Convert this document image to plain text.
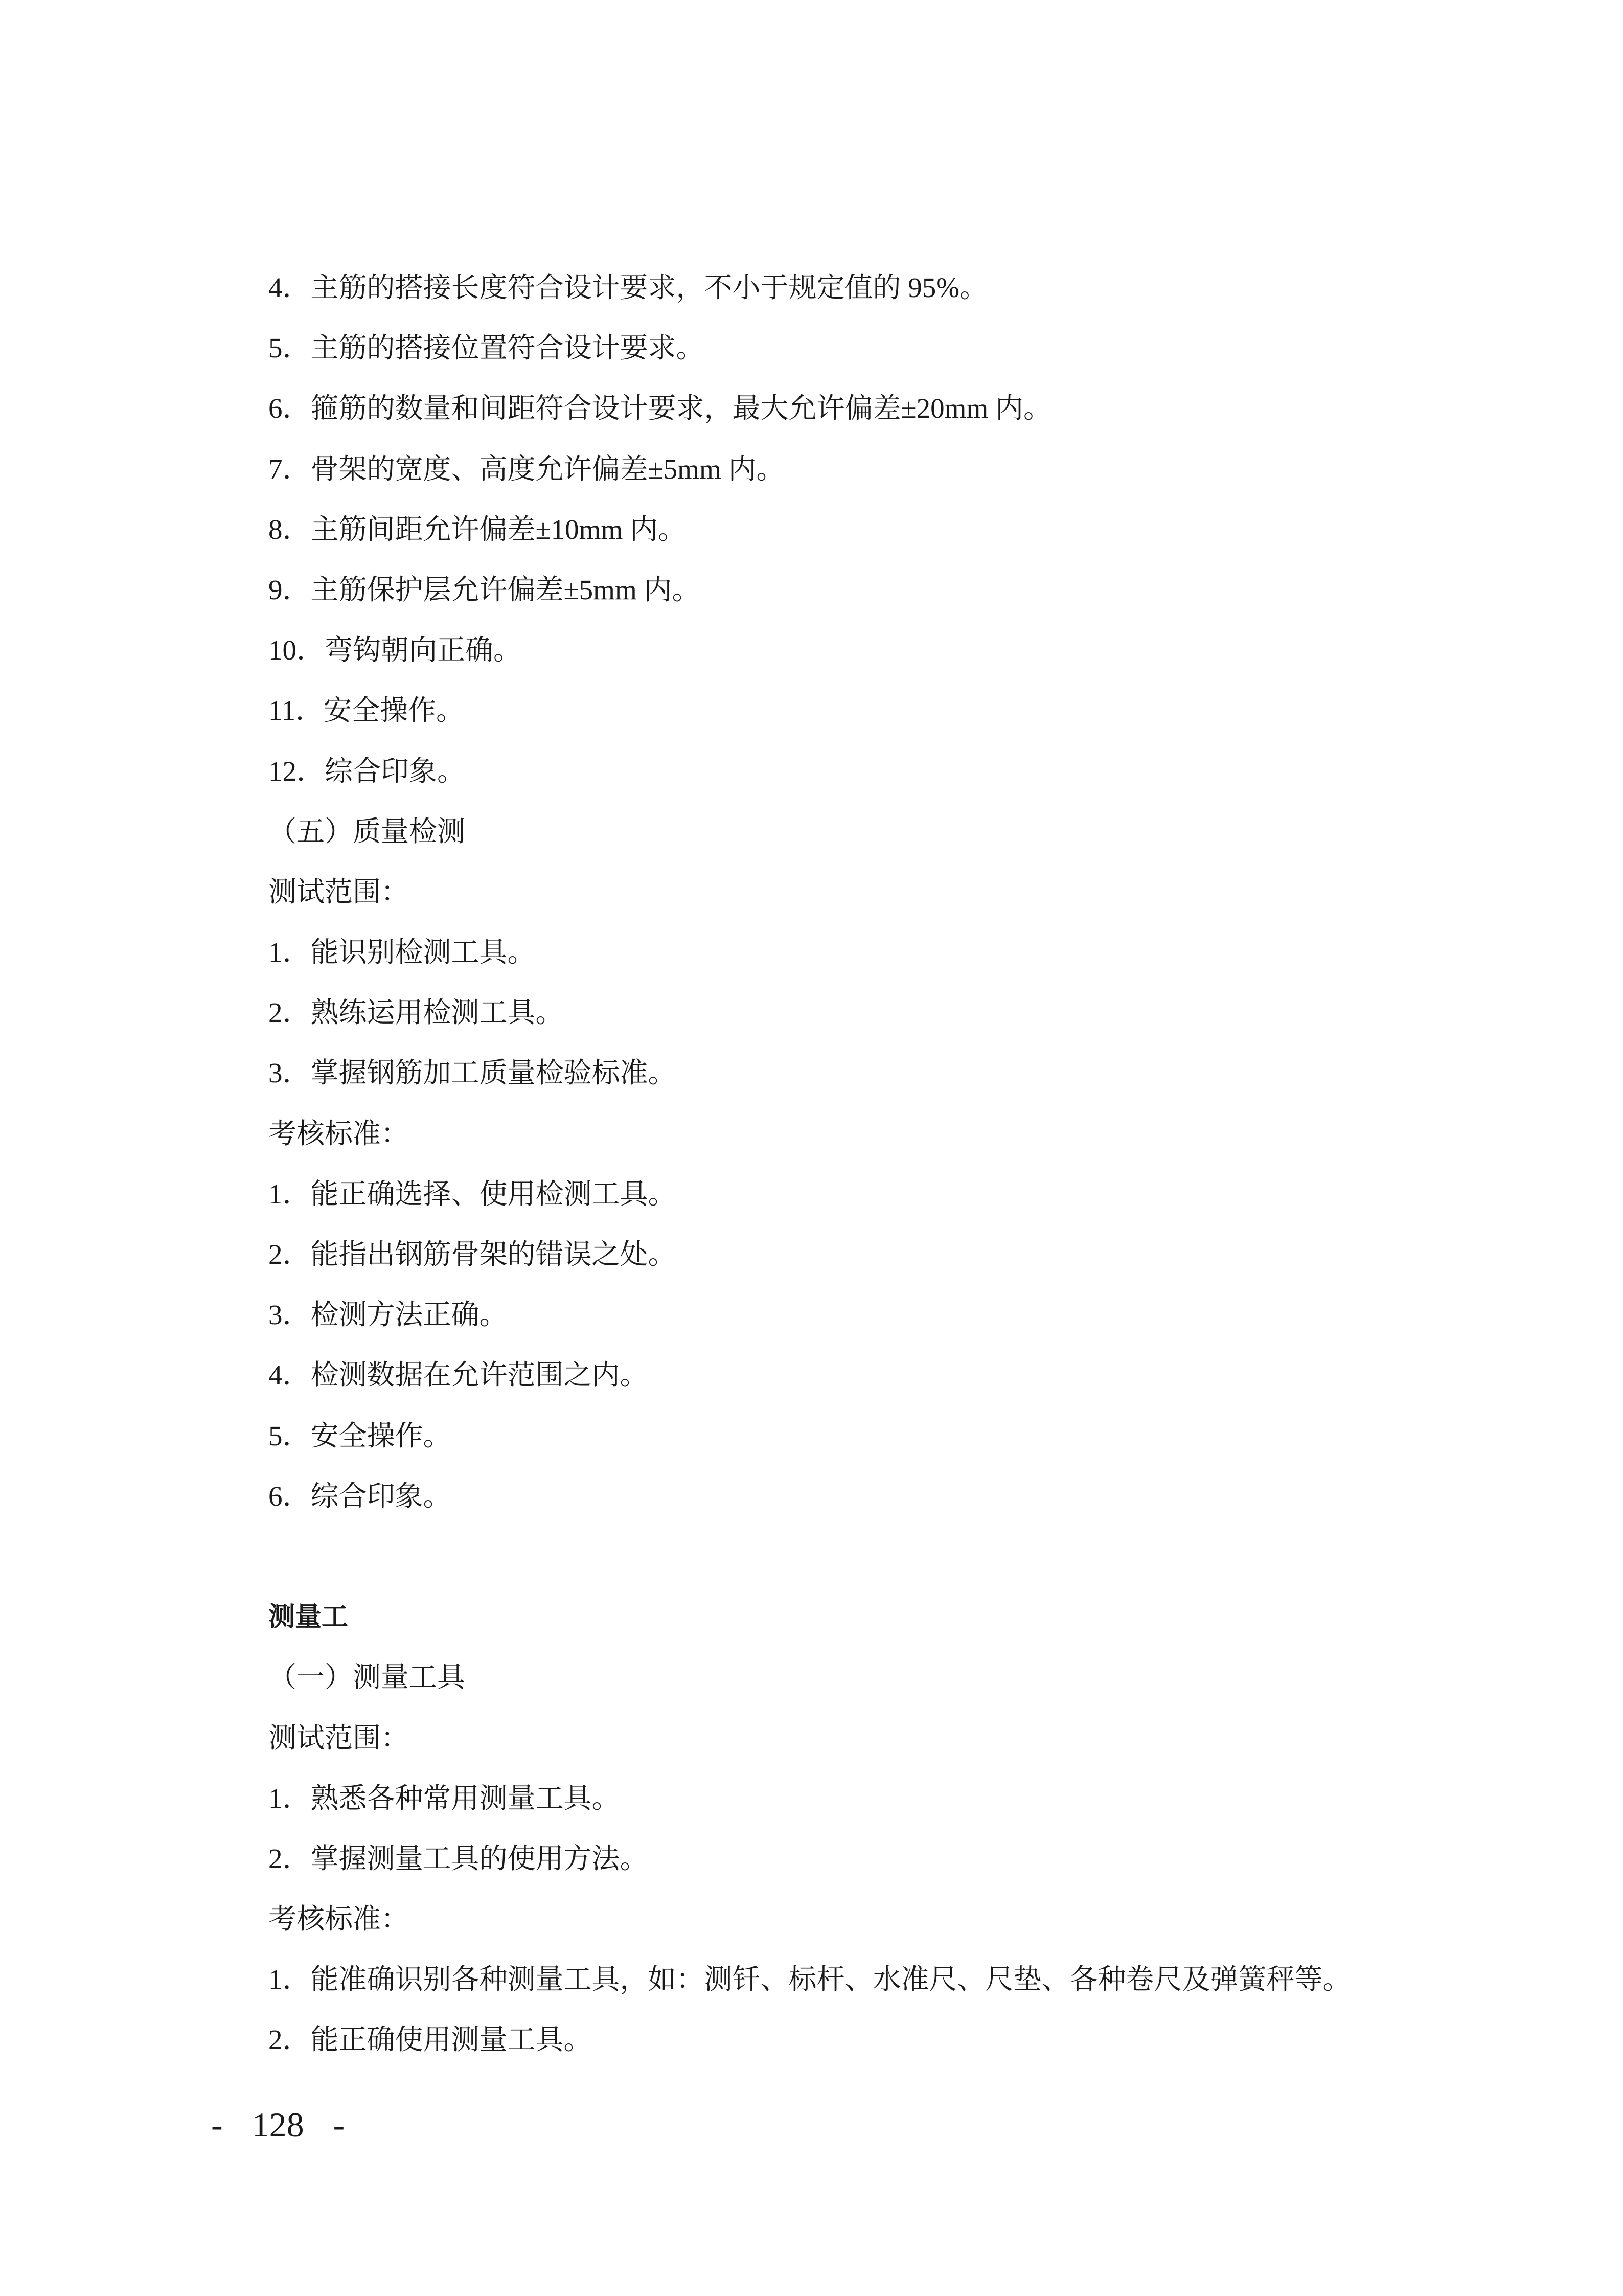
4．主筋的搭接长度符合设计要求，不小于规定值的 95%。
5．主筋的搭接位置符合设计要求。
6．箍筋的数量和间距符合设计要求，最大允许偏差±20mm 内。
7．骨架的宽度、高度允许偏差±5mm 内。
8．主筋间距允许偏差±10mm 内。
9．主筋保护层允许偏差±5mm 内。
10．弯钩朝向正确。
11．安全操作。
12．综合印象。
（五）质量检测
测试范围：
1．能识别检测工具。
2．熟练运用检测工具。
3．掌握钢筋加工质量检验标准。
考核标准：
1．能正确选择、使用检测工具。
2．能指出钢筋骨架的错误之处。
3．检测方法正确。
4．检测数据在允许范围之内。
5．安全操作。
6．综合印象。
测量工
（一）测量工具
测试范围：
1．熟悉各种常用测量工具。
2．掌握测量工具的使用方法。
考核标准：
1．能准确识别各种测量工具，如：测钎、标杆、水准尺、尺垫、各种卷尺及弹簧秤等。
2．能正确使用测量工具。
- 128 -
